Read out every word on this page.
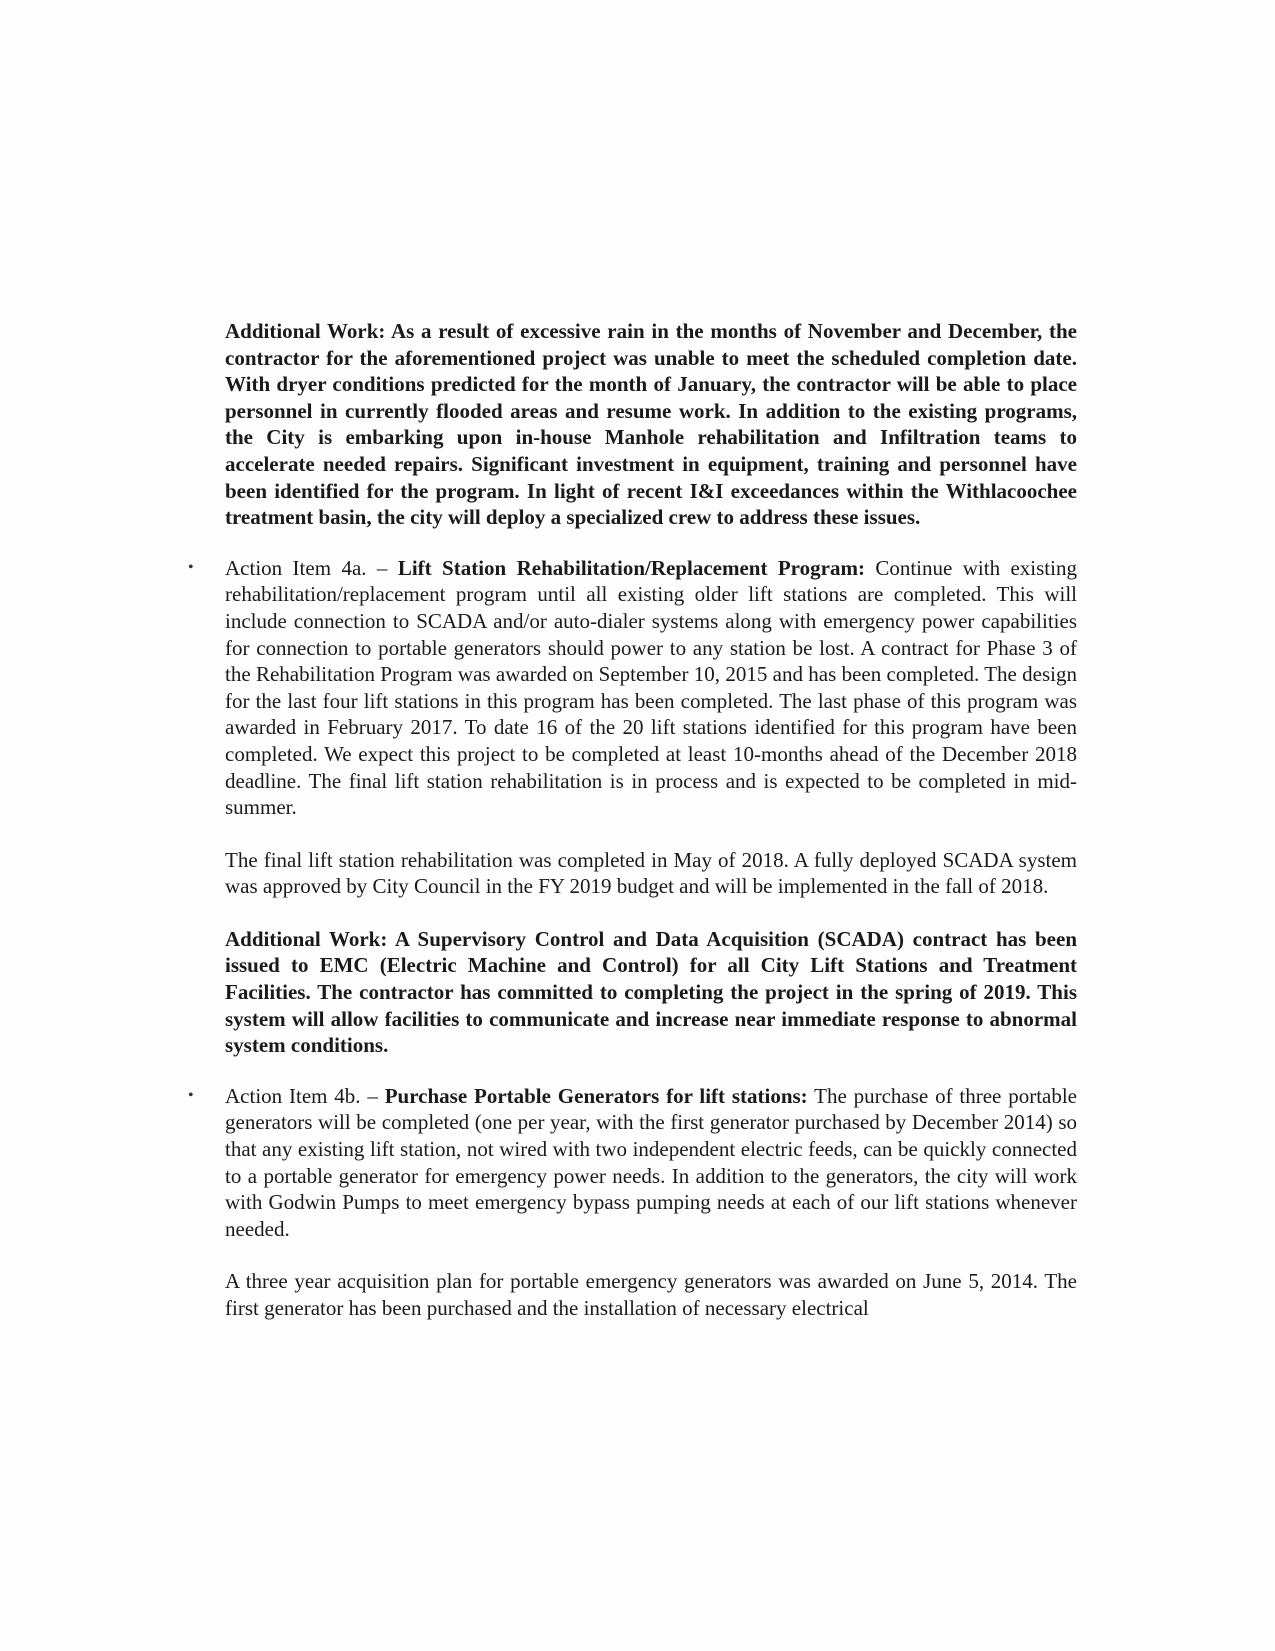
Additional Work: As a result of excessive rain in the months of November and December, the contractor for the aforementioned project was unable to meet the scheduled completion date. With dryer conditions predicted for the month of January, the contractor will be able to place personnel in currently flooded areas and resume work. In addition to the existing programs, the City is embarking upon in-house Manhole rehabilitation and Infiltration teams to accelerate needed repairs. Significant investment in equipment, training and personnel have been identified for the program. In light of recent I&I exceedances within the Withlacoochee treatment basin, the city will deploy a specialized crew to address these issues.

• Action Item 4a. – Lift Station Rehabilitation/Replacement Program: Continue with existing rehabilitation/replacement program until all existing older lift stations are completed. This will include connection to SCADA and/or auto-dialer systems along with emergency power capabilities for connection to portable generators should power to any station be lost. A contract for Phase 3 of the Rehabilitation Program was awarded on September 10, 2015 and has been completed. The design for the last four lift stations in this program has been completed. The last phase of this program was awarded in February 2017. To date 16 of the 20 lift stations identified for this program have been completed. We expect this project to be completed at least 10-months ahead of the December 2018 deadline. The final lift station rehabilitation is in process and is expected to be completed in mid-summer.

The final lift station rehabilitation was completed in May of 2018. A fully deployed SCADA system was approved by City Council in the FY 2019 budget and will be implemented in the fall of 2018.

Additional Work: A Supervisory Control and Data Acquisition (SCADA) contract has been issued to EMC (Electric Machine and Control) for all City Lift Stations and Treatment Facilities. The contractor has committed to completing the project in the spring of 2019. This system will allow facilities to communicate and increase near immediate response to abnormal system conditions.

• Action Item 4b. – Purchase Portable Generators for lift stations: The purchase of three portable generators will be completed (one per year, with the first generator purchased by December 2014) so that any existing lift station, not wired with two independent electric feeds, can be quickly connected to a portable generator for emergency power needs. In addition to the generators, the city will work with Godwin Pumps to meet emergency bypass pumping needs at each of our lift stations whenever needed.

A three year acquisition plan for portable emergency generators was awarded on June 5, 2014. The first generator has been purchased and the installation of necessary electrical
